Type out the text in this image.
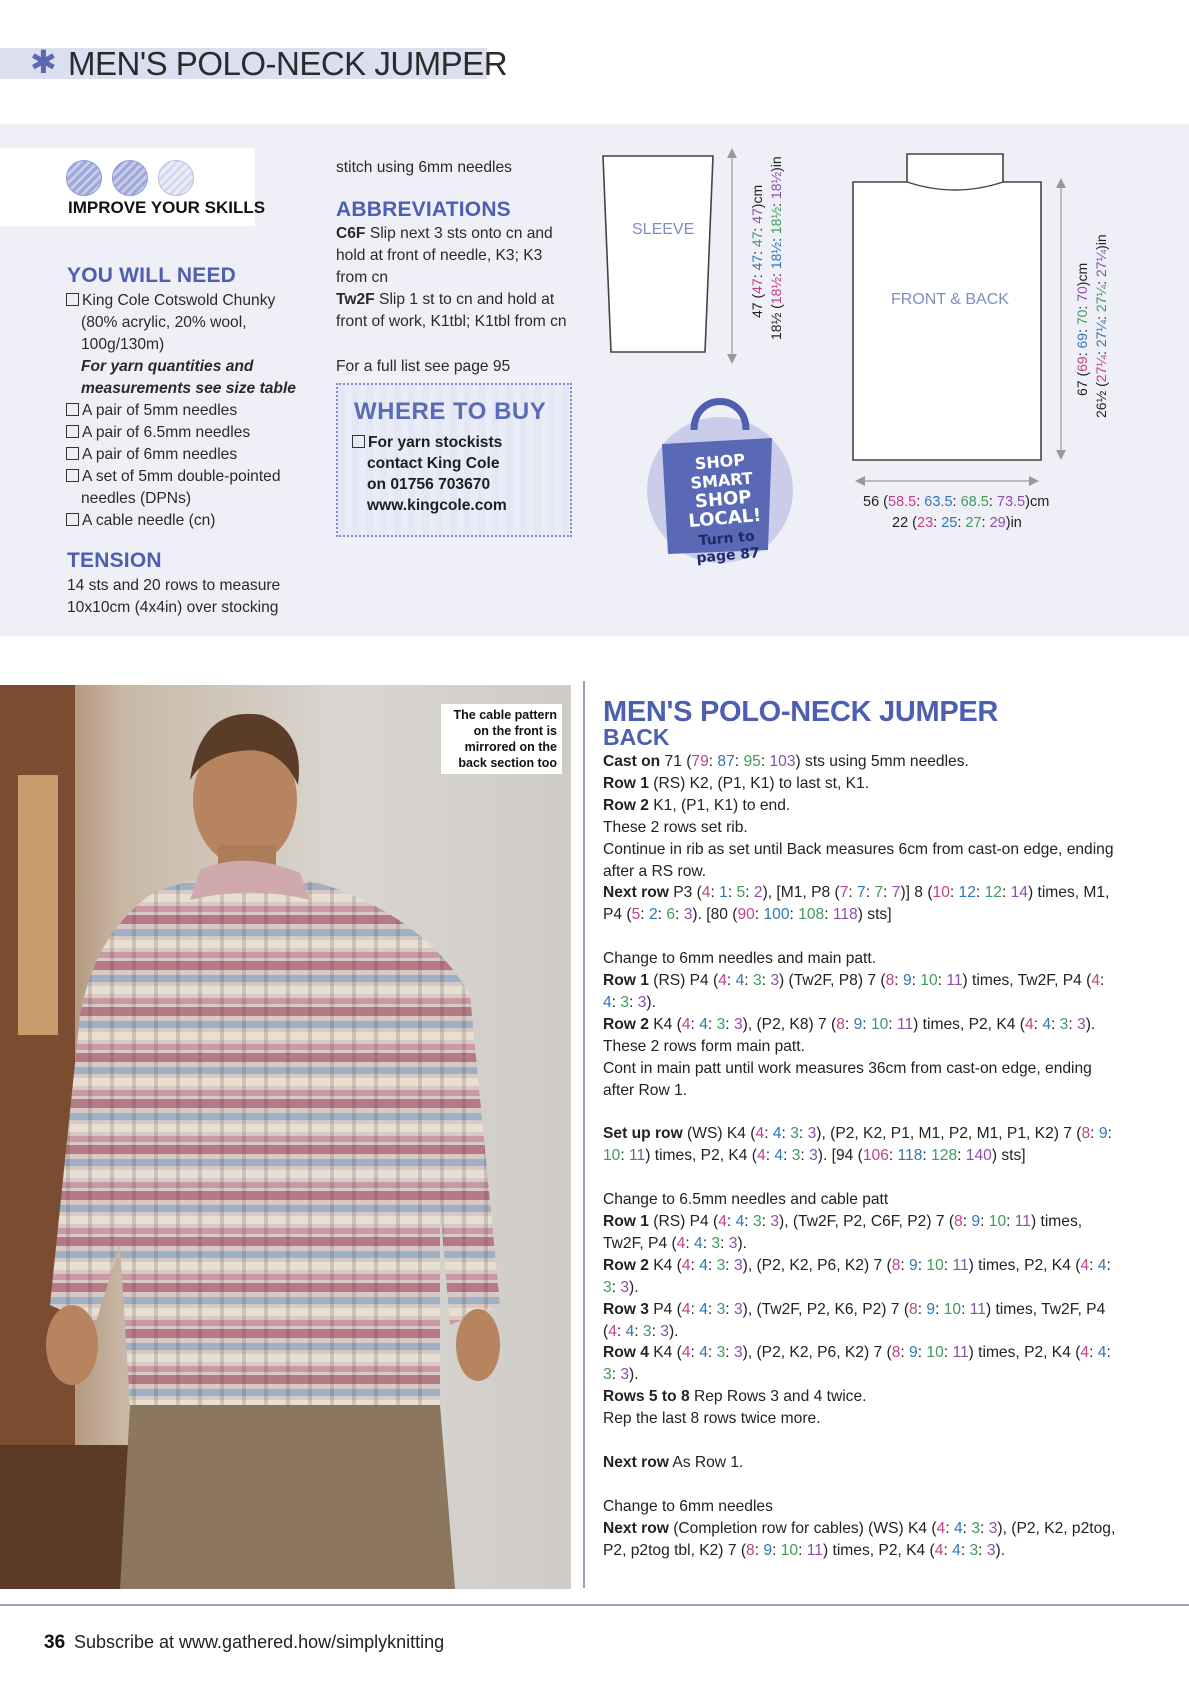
✱ MEN'S POLO-NECK JUMPER
IMPROVE YOUR SKILLS
YOU WILL NEED
King Cole Cotswold Chunky
(80% acrylic, 20% wool,
100g/130m)
For yarn quantities and
measurements see size table
A pair of 5mm needles
A pair of 6.5mm needles
A pair of 6mm needles
A set of 5mm double-pointed
needles (DPNs)
A cable needle (cn)
TENSION
14 sts and 20 rows to measure
10x10cm (4x4in) over stocking
stitch using 6mm needles
ABBREVIATIONS
C6F Slip next 3 sts onto cn and
hold at front of needle, K3; K3
from cn
Tw2F Slip 1 st to cn and hold at
front of work, K1tbl; K1tbl from cn
For a full list see page 95
WHERE TO BUY
For yarn stockists
contact King Cole
on 01756 703670
www.kingcole.com
SHOP SMART
SHOP
LOCAL!
Turn to
page 87
SLEEVE
FRONT & BACK
47 (47: 47: 47: 47)cm
18½ (18½: 18½: 18½: 18½)in
67 (69: 69: 70: 70)cm
26½ (27¼: 27¼: 27¼: 27¼)in
56 (58.5: 63.5: 68.5: 73.5)cm
22 (23: 25: 27: 29)in
The cable pattern on the front is mirrored on the back section too
MEN'S POLO-NECK JUMPER
BACK

Cast on 71 (79: 87: 95: 103) sts using 5mm needles.

Row 1 (RS) K2, (P1, K1) to last st, K1.

Row 2 K1, (P1, K1) to end.

These 2 rows set rib.

Continue in rib as set until Back measures 6cm from cast-on edge, ending after a RS row.

Next row P3 (4: 1: 5: 2), [M1, P8 (7: 7: 7: 7)] 8 (10: 12: 12: 14) times, M1, P4 (5: 2: 6: 3). [80 (90: 100: 108: 118) sts]

Change to 6mm needles and main patt.

Row 1 (RS) P4 (4: 4: 3: 3) (Tw2F, P8) 7 (8: 9: 10: 11) times, Tw2F, P4 (4: 4: 3: 3).

Row 2 K4 (4: 4: 3: 3), (P2, K8) 7 (8: 9: 10: 11) times, P2, K4 (4: 4: 3: 3).

These 2 rows form main patt.

Cont in main patt until work measures 36cm from cast-on edge, ending after Row 1.

Set up row (WS) K4 (4: 4: 3: 3), (P2, K2, P1, M1, P2, M1, P1, K2) 7 (8: 9: 10: 11) times, P2, K4 (4: 4: 3: 3). [94 (106: 118: 128: 140) sts]

Change to 6.5mm needles and cable patt

Row 1 (RS) P4 (4: 4: 3: 3), (Tw2F, P2, C6F, P2) 7 (8: 9: 10: 11) times, Tw2F, P4 (4: 4: 3: 3).

Row 2 K4 (4: 4: 3: 3), (P2, K2, P6, K2) 7 (8: 9: 10: 11) times, P2, K4 (4: 4: 3: 3).

Row 3 P4 (4: 4: 3: 3), (Tw2F, P2, K6, P2) 7 (8: 9: 10: 11) times, Tw2F, P4 (4: 4: 3: 3).

Row 4 K4 (4: 4: 3: 3), (P2, K2, P6, K2) 7 (8: 9: 10: 11) times, P2, K4 (4: 4: 3: 3).

Rows 5 to 8 Rep Rows 3 and 4 twice.

Rep the last 8 rows twice more.

Next row As Row 1.

Change to 6mm needles

Next row (Completion row for cables) (WS) K4 (4: 4: 3: 3), (P2, K2, p2tog, P2, p2tog tbl, K2) 7 (8: 9: 10: 11) times, P2, K4 (4: 4: 3: 3).

36 Subscribe at www.gathered.how/simplyknitting
